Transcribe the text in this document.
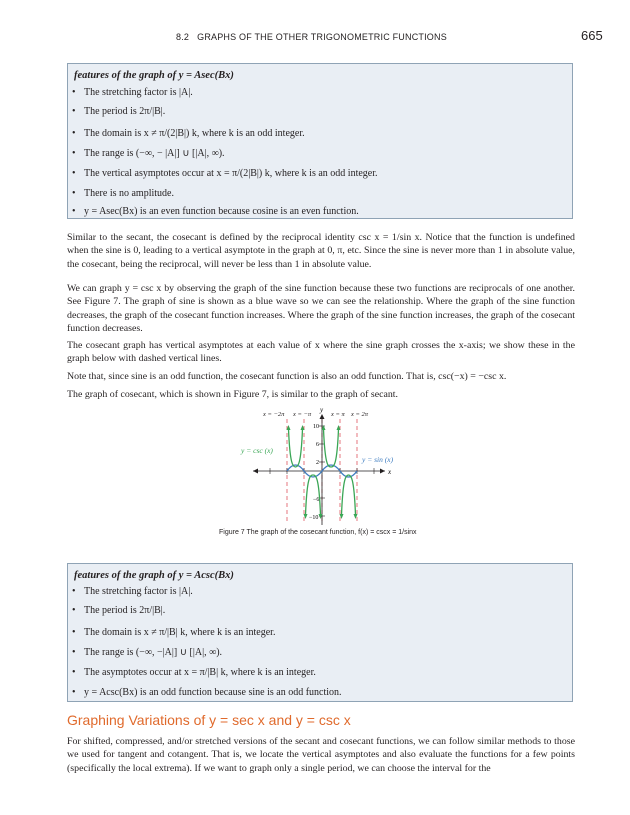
8.2 GRAPHS OF THE OTHER TRIGONOMETRIC FUNCTIONS	665
features of the graph of y = Asec(Bx)
• The stretching factor is |A|.
• The period is 2π/|B|.
• The domain is x ≠ π/(2|B|) k, where k is an odd integer.
• The range is (−∞, − |A|] ∪ [|A|, ∞).
• The vertical asymptotes occur at x = π/(2|B|) k, where k is an odd integer.
• There is no amplitude.
• y = Asec(Bx) is an even function because cosine is an even function.

Similar to the secant, the cosecant is defined by the reciprocal identity csc x = 1/sin x. Notice that the function is undefined when the sine is 0, leading to a vertical asymptote in the graph at 0, π, etc. Since the sine is never more than 1 in absolute value, the cosecant, being the reciprocal, will never be less than 1 in absolute value.

We can graph y = csc x by observing the graph of the sine function because these two functions are reciprocals of one another. See Figure 7. The graph of sine is shown as a blue wave so we can see the relationship. Where the graph of the sine function decreases, the graph of the cosecant function increases. Where the graph of the sine function increases, the graph of the cosecant function decreases.

The cosecant graph has vertical asymptotes at each value of x where the sine graph crosses the x-axis; we show these in the graph below with dashed vertical lines.

Note that, since sine is an odd function, the cosecant function is also an odd function. That is, csc(−x) = −csc x.

The graph of cosecant, which is shown in Figure 7, is similar to the graph of secant.

x = −2π x = −π	x = π x = 2π
y
x
10
6
2
−6
−10
y = csc (x)
y = sin (x)
Figure 7 The graph of the cosecant function, f(x) = cscx = 1/sinx
features of the graph of y = Acsc(Bx)
• The stretching factor is |A|.
• The period is 2π/|B|.
• The domain is x ≠ π/|B| k, where k is an integer.
• The range is (−∞, −|A|] ∪ [|A|, ∞).
• The asymptotes occur at x = π/|B| k, where k is an integer.
• y = Acsc(Bx) is an odd function because sine is an odd function.
Graphing Variations of y = sec x and y = csc x

For shifted, compressed, and/or stretched versions of the secant and cosecant functions, we can follow similar methods to those we used for tangent and cotangent. That is, we locate the vertical asymptotes and also evaluate the functions for a few points (specifically the local extrema). If we want to graph only a single period, we can choose the interval for the
